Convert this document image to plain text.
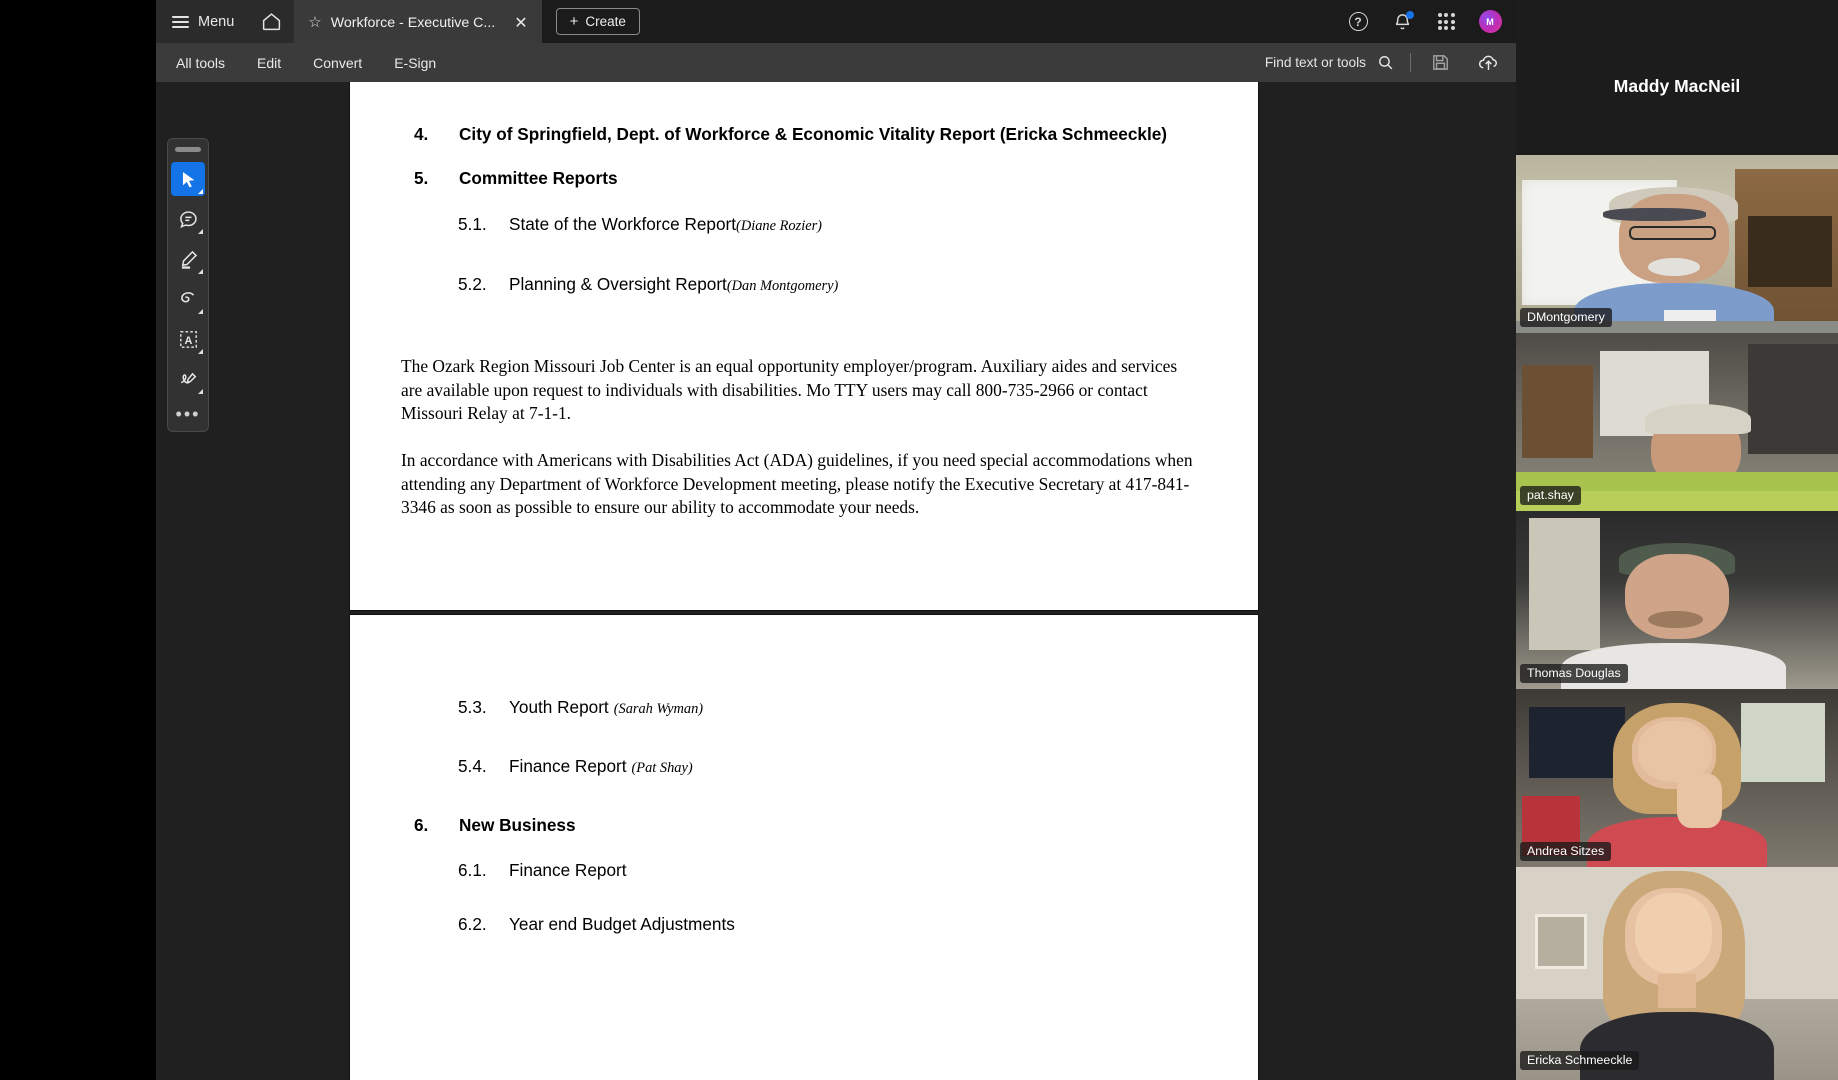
Menu	☆ Workforce - Executive C... ✕	+ Create	?	M
All tools	Edit	Convert	E-Sign	Find text or tools
4.	City of Springfield, Dept. of Workforce & Economic Vitality Report (Ericka Schmeeckle)
5.	Committee Reports
5.1.	State of the Workforce Report (Diane Rozier)
5.2.	Planning & Oversight Report (Dan Montgomery)
The Ozark Region Missouri Job Center is an equal opportunity employer/program. Auxiliary aides and services are available upon request to individuals with disabilities. Mo TTY users may call 800-735-2966 or contact Missouri Relay at 7-1-1.
In accordance with Americans with Disabilities Act (ADA) guidelines, if you need special accommodations when attending any Department of Workforce Development meeting, please notify the Executive Secretary at 417-841-3346 as soon as possible to ensure our ability to accommodate your needs.
5.3.	Youth Report (Sarah Wyman)
5.4.	Finance Report (Pat Shay)
6.	New Business
6.1.	Finance Report
6.2.	Year end Budget Adjustments
A
•••
Maddy MacNeil
DMontgomery
pat.shay
Thomas Douglas
Andrea Sitzes
Ericka Schmeeckle
